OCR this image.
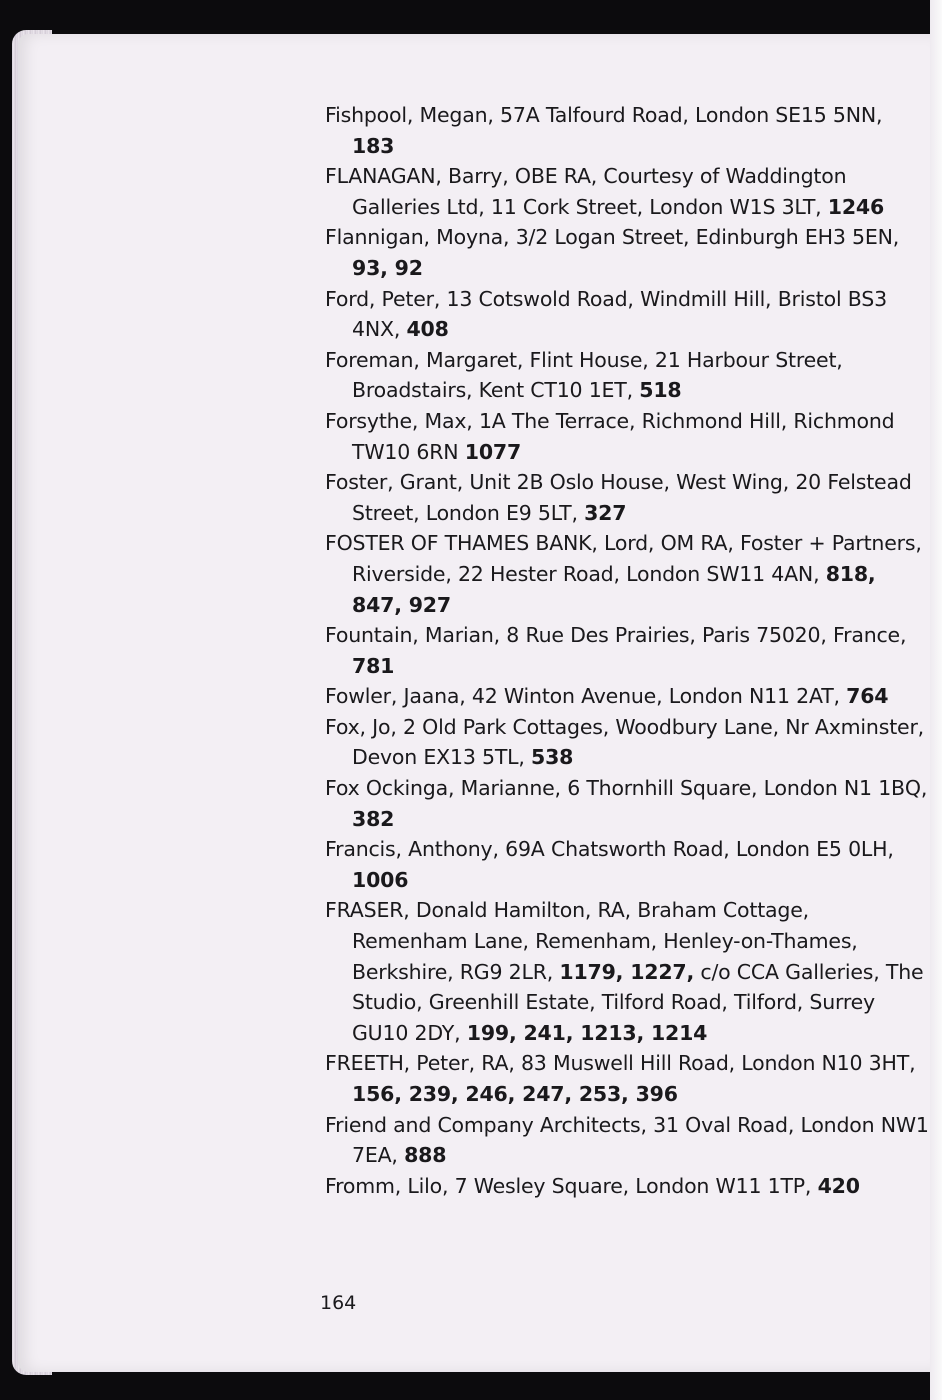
Fishpool, Megan, 57A Talfourd Road, London SE15 5NN, 183
FLANAGAN, Barry, OBE RA, Courtesy of Waddington Galleries Ltd, 11 Cork Street, London W1S 3LT, 1246
Flannigan, Moyna, 3/2 Logan Street, Edinburgh EH3 5EN, 93, 92
Ford, Peter, 13 Cotswold Road, Windmill Hill, Bristol BS3 4NX, 408
Foreman, Margaret, Flint House, 21 Harbour Street, Broadstairs, Kent CT10 1ET, 518
Forsythe, Max, 1A The Terrace, Richmond Hill, Richmond TW10 6RN 1077
Foster, Grant, Unit 2B Oslo House, West Wing, 20 Felstead Street, London E9 5LT, 327
FOSTER OF THAMES BANK, Lord, OM RA, Foster + Partners, Riverside, 22 Hester Road, London SW11 4AN, 818, 847, 927
Fountain, Marian, 8 Rue Des Prairies, Paris 75020, France, 781
Fowler, Jaana, 42 Winton Avenue, London N11 2AT, 764
Fox, Jo, 2 Old Park Cottages, Woodbury Lane, Nr Axminster, Devon EX13 5TL, 538
Fox Ockinga, Marianne, 6 Thornhill Square, London N1 1BQ, 382
Francis, Anthony, 69A Chatsworth Road, London E5 0LH, 1006
FRASER, Donald Hamilton, RA, Braham Cottage, Remenham Lane, Remenham, Henley-on-Thames, Berkshire, RG9 2LR, 1179, 1227, c/o CCA Galleries, The Studio, Greenhill Estate, Tilford Road, Tilford, Surrey GU10 2DY, 199, 241, 1213, 1214
FREETH, Peter, RA, 83 Muswell Hill Road, London N10 3HT, 156, 239, 246, 247, 253, 396
Friend and Company Architects, 31 Oval Road, London NW1 7EA, 888
Fromm, Lilo, 7 Wesley Square, London W11 1TP, 420
164
